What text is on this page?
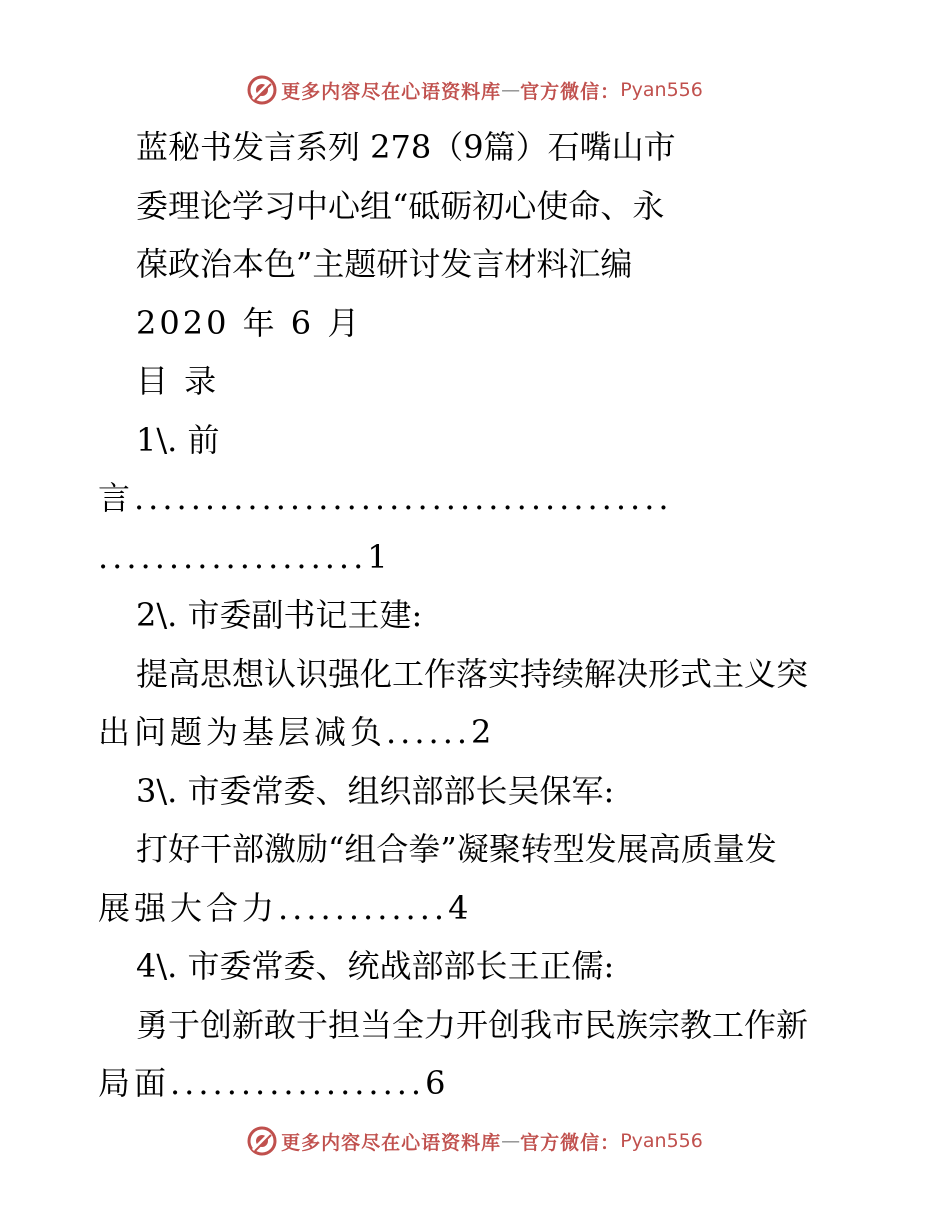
更多内容尽在心语资料库 — 官方微信： Pyan556
蓝秘书发言系列 278（9篇）石嘴山市
委理论学习中心组“砥砺初心使命、永
葆政治本色”主题研讨发言材料汇编
2020 年 6 月
目 录
1\. 前
言......................................
...................1
2\. 市委副书记王建:
提高思想认识强化工作落实持续解决形式主义突
出问题为基层减负......2
3\. 市委常委、组织部部长吴保军:
打好干部激励“组合拳”凝聚转型发展高质量发
展强大合力............4
4\. 市委常委、统战部部长王正儒:
勇于创新敢于担当全力开创我市民族宗教工作新
局面..................6
更多内容尽在心语资料库 — 官方微信： Pyan556
